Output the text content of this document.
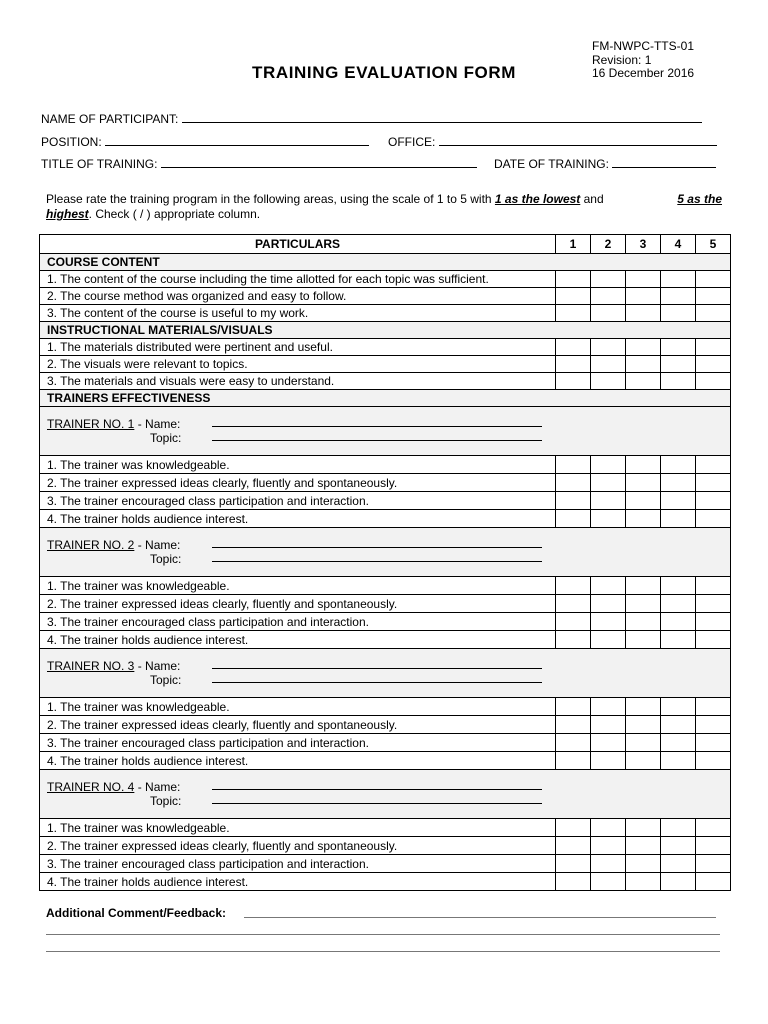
FM-NWPC-TTS-01
Revision: 1
16 December 2016
TRAINING EVALUATION FORM
NAME OF PARTICIPANT:
POSITION:	OFFICE:
TITLE OF TRAINING:	DATE OF TRAINING:
Please rate the training program in the following areas, using the scale of 1 to 5 with 1 as the lowest and	5 as the

highest. Check ( / ) appropriate column.
PARTICULARS	1	2	3	4	5
COURSE CONTENT					
1. The content of the course including the time allotted for each topic was sufficient.					
2. The course method was organized and easy to follow.					
3. The content of the course is useful to my work.					
INSTRUCTIONAL MATERIALS/VISUALS					
1. The materials distributed were pertinent and useful.					
2. The visuals were relevant to topics.					
3. The materials and visuals were easy to understand.					
TRAINERS EFFECTIVENESS					

TRAINER NO. 1 - Name:
Topic:					

1. The trainer was knowledgeable.					
2. The trainer expressed ideas clearly, fluently and spontaneously.					
3. The trainer encouraged class participation and interaction.					
4. The trainer holds audience interest.					

TRAINER NO. 2 - Name:
Topic:					

1. The trainer was knowledgeable.					
2. The trainer expressed ideas clearly, fluently and spontaneously.					
3. The trainer encouraged class participation and interaction.					
4. The trainer holds audience interest.					

TRAINER NO. 3 - Name:
Topic:					

1. The trainer was knowledgeable.					
2. The trainer expressed ideas clearly, fluently and spontaneously.					
3. The trainer encouraged class participation and interaction.					
4. The trainer holds audience interest.					

TRAINER NO. 4 - Name:
Topic:					

1. The trainer was knowledgeable.					
2. The trainer expressed ideas clearly, fluently and spontaneously.					
3. The trainer encouraged class participation and interaction.					
4. The trainer holds audience interest.					
Additional Comment/Feedback:
